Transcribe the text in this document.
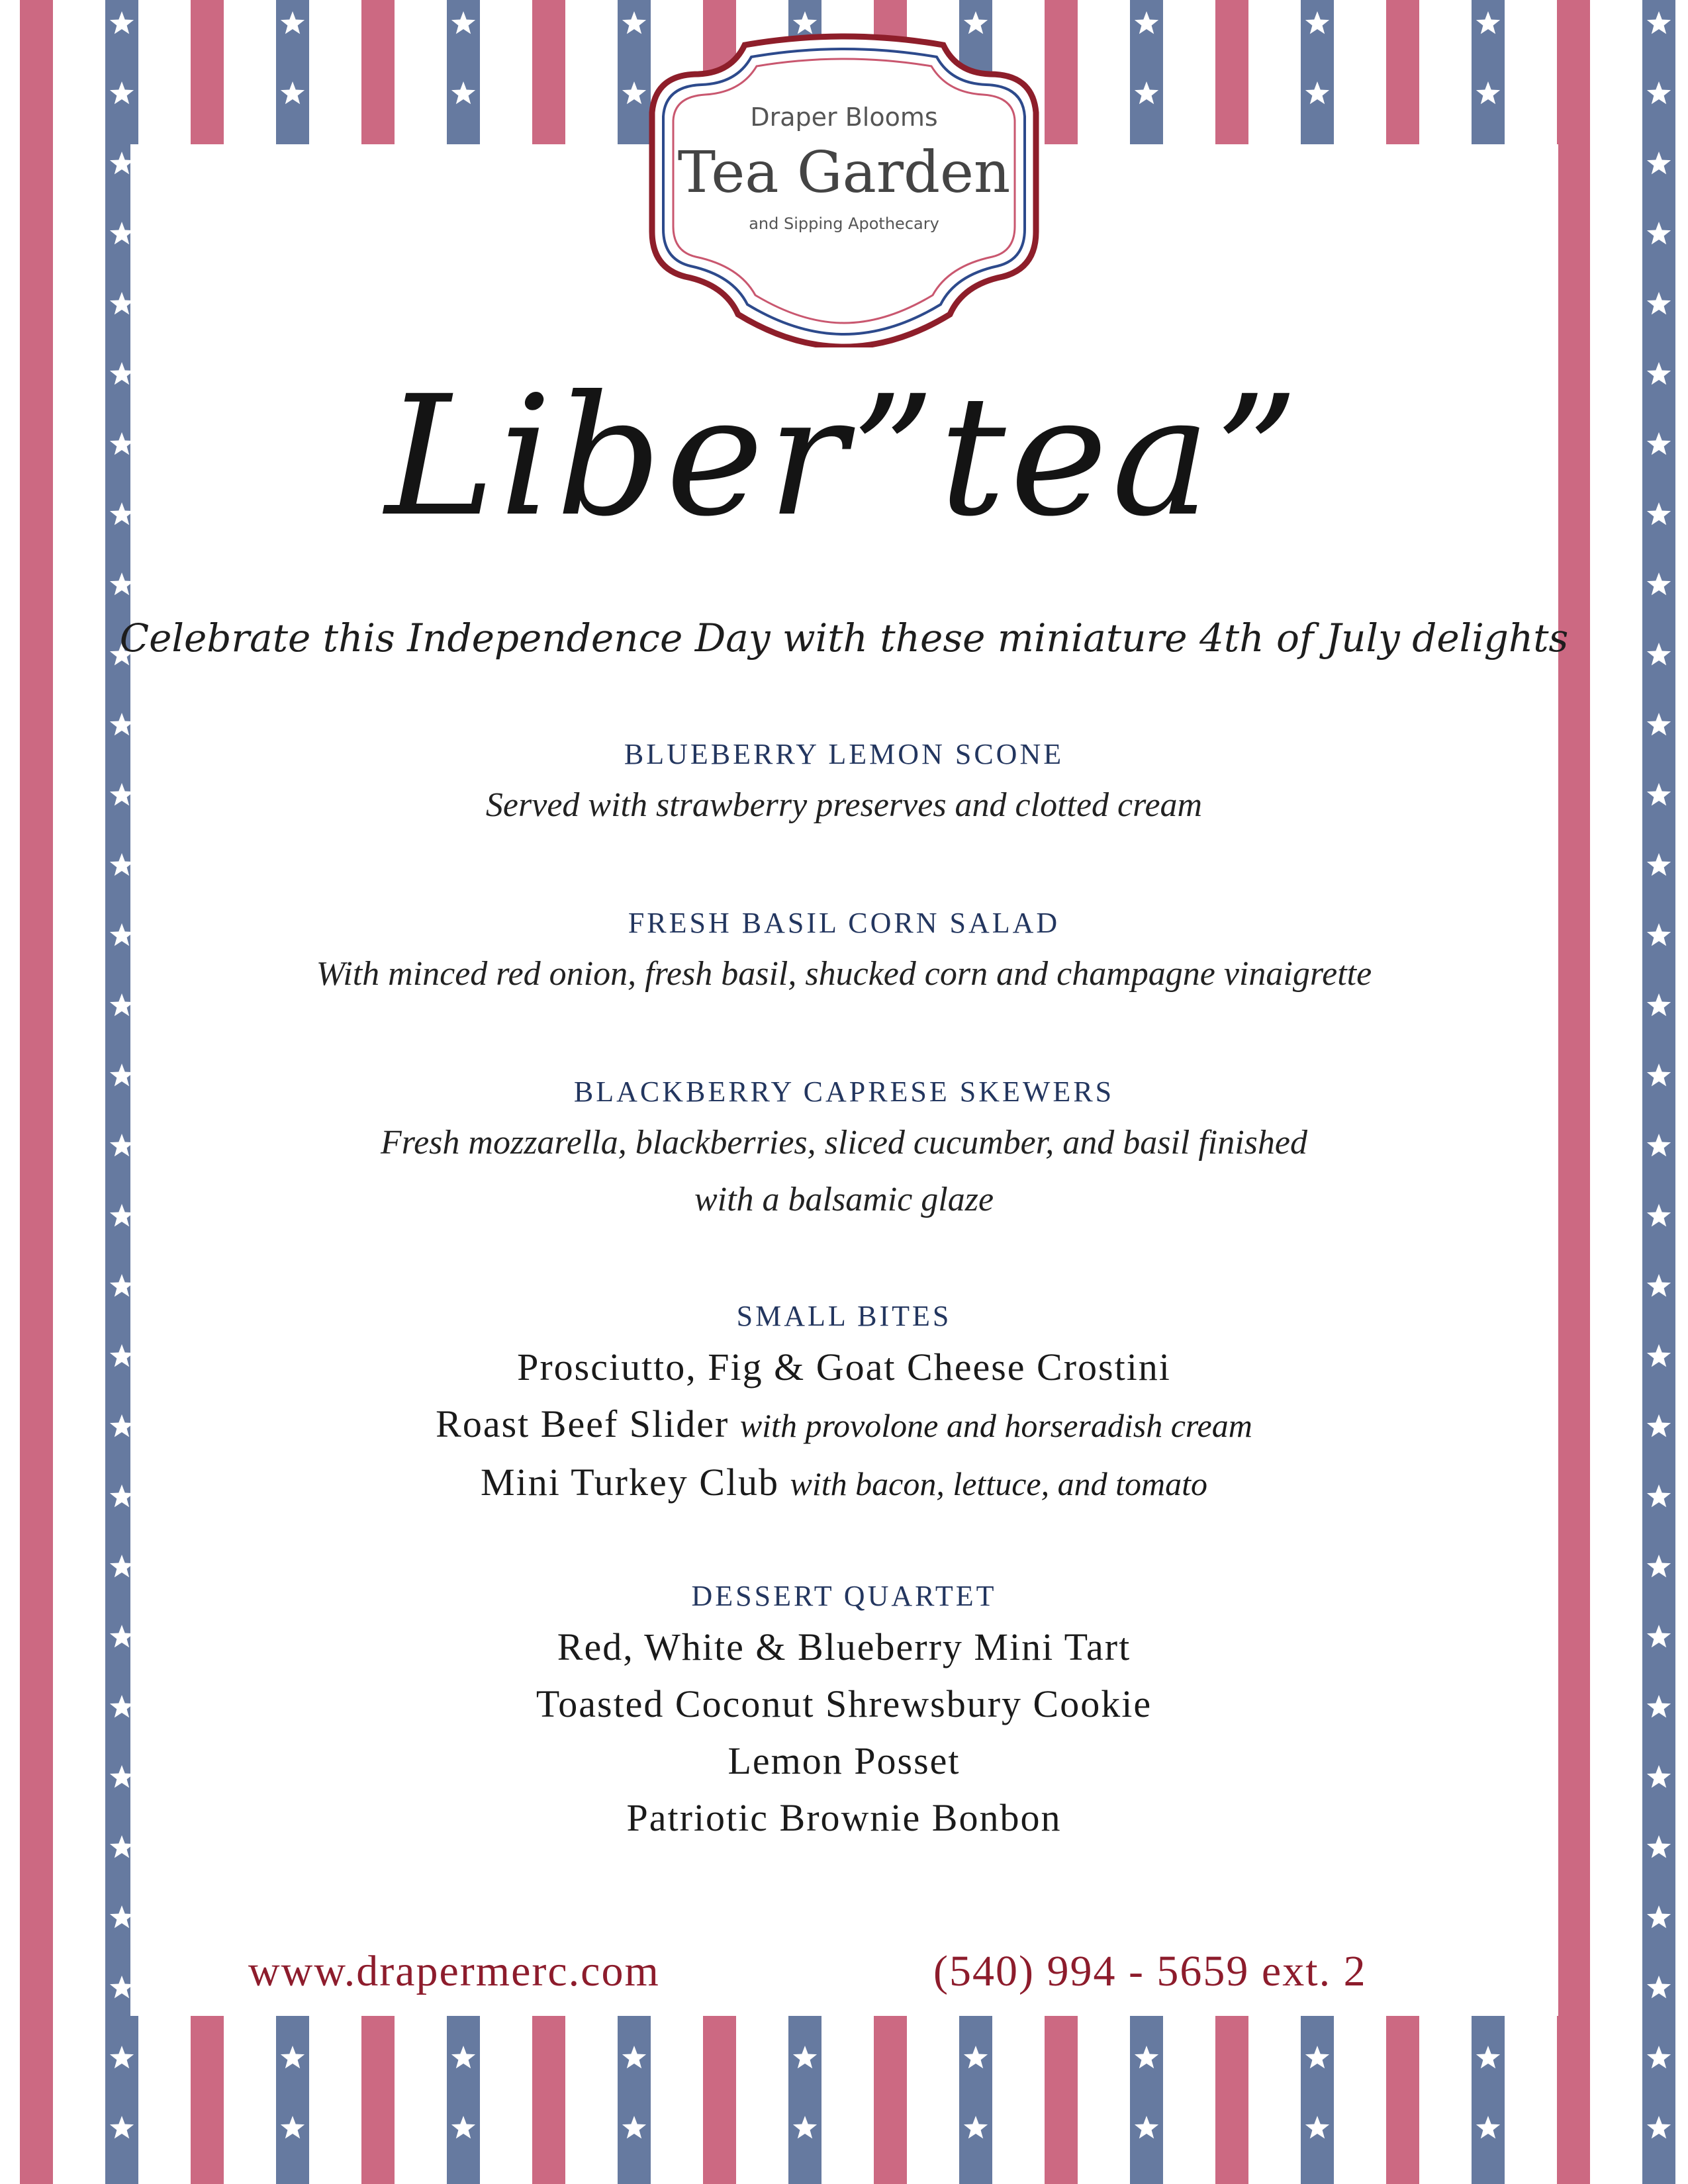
Draper Blooms
Tea Garden
and Sipping Apothecary
Liber”tea”
Celebrate this Independence Day with these miniature 4th of July delights
BLUEBERRY LEMON SCONE
Served with strawberry preserves and clotted cream
FRESH BASIL CORN SALAD
With minced red onion, fresh basil, shucked corn and champagne vinaigrette
BLACKBERRY CAPRESE SKEWERS
Fresh mozzarella, blackberries, sliced cucumber, and basil finished
with a balsamic glaze
SMALL BITES
Prosciutto, Fig & Goat Cheese Crostini
Roast Beef Slider with provolone and horseradish cream
Mini Turkey Club with bacon, lettuce, and tomato
DESSERT QUARTET
Red, White & Blueberry Mini Tart
Toasted Coconut Shrewsbury Cookie
Lemon Posset
Patriotic Brownie Bonbon
www.drapermerc.com	(540) 994 - 5659 ext. 2
